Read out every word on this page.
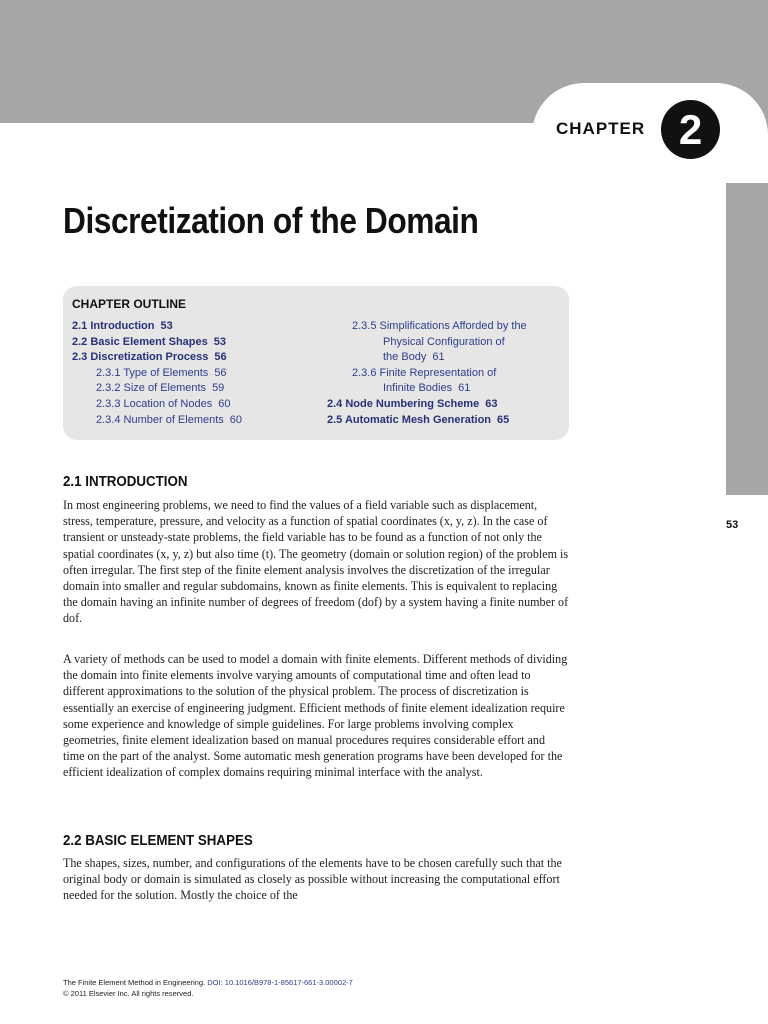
CHAPTER 2
Discretization of the Domain
CHAPTER OUTLINE
2.1 Introduction 53
2.2 Basic Element Shapes 53
2.3 Discretization Process 56
2.3.1 Type of Elements 56
2.3.2 Size of Elements 59
2.3.3 Location of Nodes 60
2.3.4 Number of Elements 60
2.3.5 Simplifications Afforded by the
Physical Configuration of
the Body 61
2.3.6 Finite Representation of
Infinite Bodies 61
2.4 Node Numbering Scheme 63
2.5 Automatic Mesh Generation 65
2.1 INTRODUCTION

In most engineering problems, we need to find the values of a field variable such as displacement, stress, temperature, pressure, and velocity as a function of spatial coordinates (x, y, z). In the case of transient or unsteady-state problems, the field variable has to be found as a function of not only the spatial coordinates (x, y, z) but also time (t). The geometry (domain or solution region) of the problem is often irregular. The first step of the finite element analysis involves the discretization of the irregular domain into smaller and regular subdomains, known as finite elements. This is equivalent to replacing the domain having an infinite number of degrees of freedom (dof) by a system having a finite number of dof.

A variety of methods can be used to model a domain with finite elements. Different methods of dividing the domain into finite elements involve varying amounts of computational time and often lead to different approximations to the solution of the physical problem. The process of discretization is essentially an exercise of engineering judgment. Efficient methods of finite element idealization require some experience and knowledge of simple guidelines. For large problems involving complex geometries, finite element idealization based on manual procedures requires considerable effort and time on the part of the analyst. Some automatic mesh generation programs have been developed for the efficient idealization of complex domains requiring minimal interface with the analyst.

2.2 BASIC ELEMENT SHAPES

The shapes, sizes, number, and configurations of the elements have to be chosen carefully such that the original body or domain is simulated as closely as possible without increasing the computational effort needed for the solution. Mostly the choice of the

53
The Finite Element Method in Engineering. DOI: 10.1016/B978-1-85617-661-3.00002-7
© 2011 Elsevier Inc. All rights reserved.
